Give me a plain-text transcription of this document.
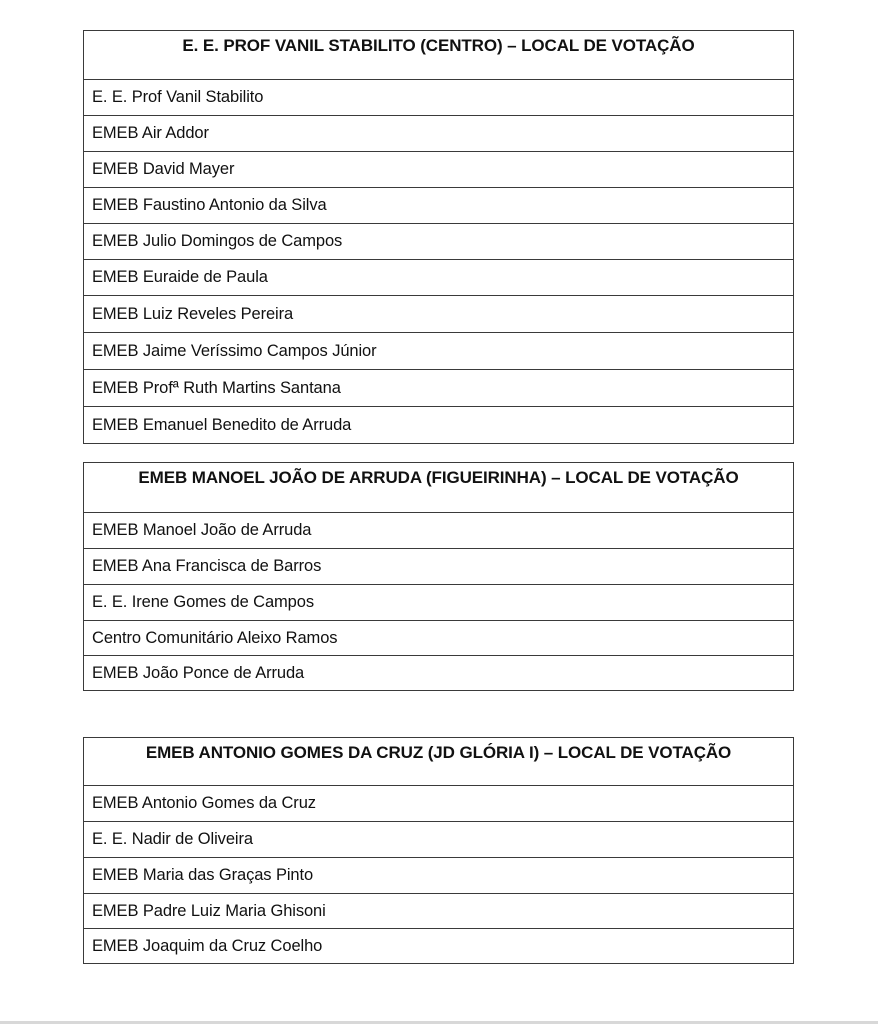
E. E. PROF VANIL STABILITO (CENTRO) – LOCAL DE VOTAÇÃO
E. E. Prof Vanil Stabilito
EMEB Air Addor
EMEB David Mayer
EMEB Faustino Antonio da Silva
EMEB Julio Domingos de Campos
EMEB Euraide de Paula
EMEB Luiz Reveles Pereira
EMEB Jaime Veríssimo Campos Júnior
EMEB Profª Ruth Martins Santana
EMEB Emanuel Benedito de Arruda
EMEB MANOEL JOÃO DE ARRUDA (FIGUEIRINHA) – LOCAL DE VOTAÇÃO
EMEB Manoel João de Arruda
EMEB Ana Francisca de Barros
E. E. Irene Gomes de Campos
Centro Comunitário Aleixo Ramos
EMEB João Ponce de Arruda
EMEB ANTONIO GOMES DA CRUZ (JD GLÓRIA I) – LOCAL DE VOTAÇÃO
EMEB Antonio Gomes da Cruz
E. E. Nadir de Oliveira
EMEB Maria das Graças Pinto
EMEB Padre Luiz Maria Ghisoni
EMEB Joaquim da Cruz Coelho
